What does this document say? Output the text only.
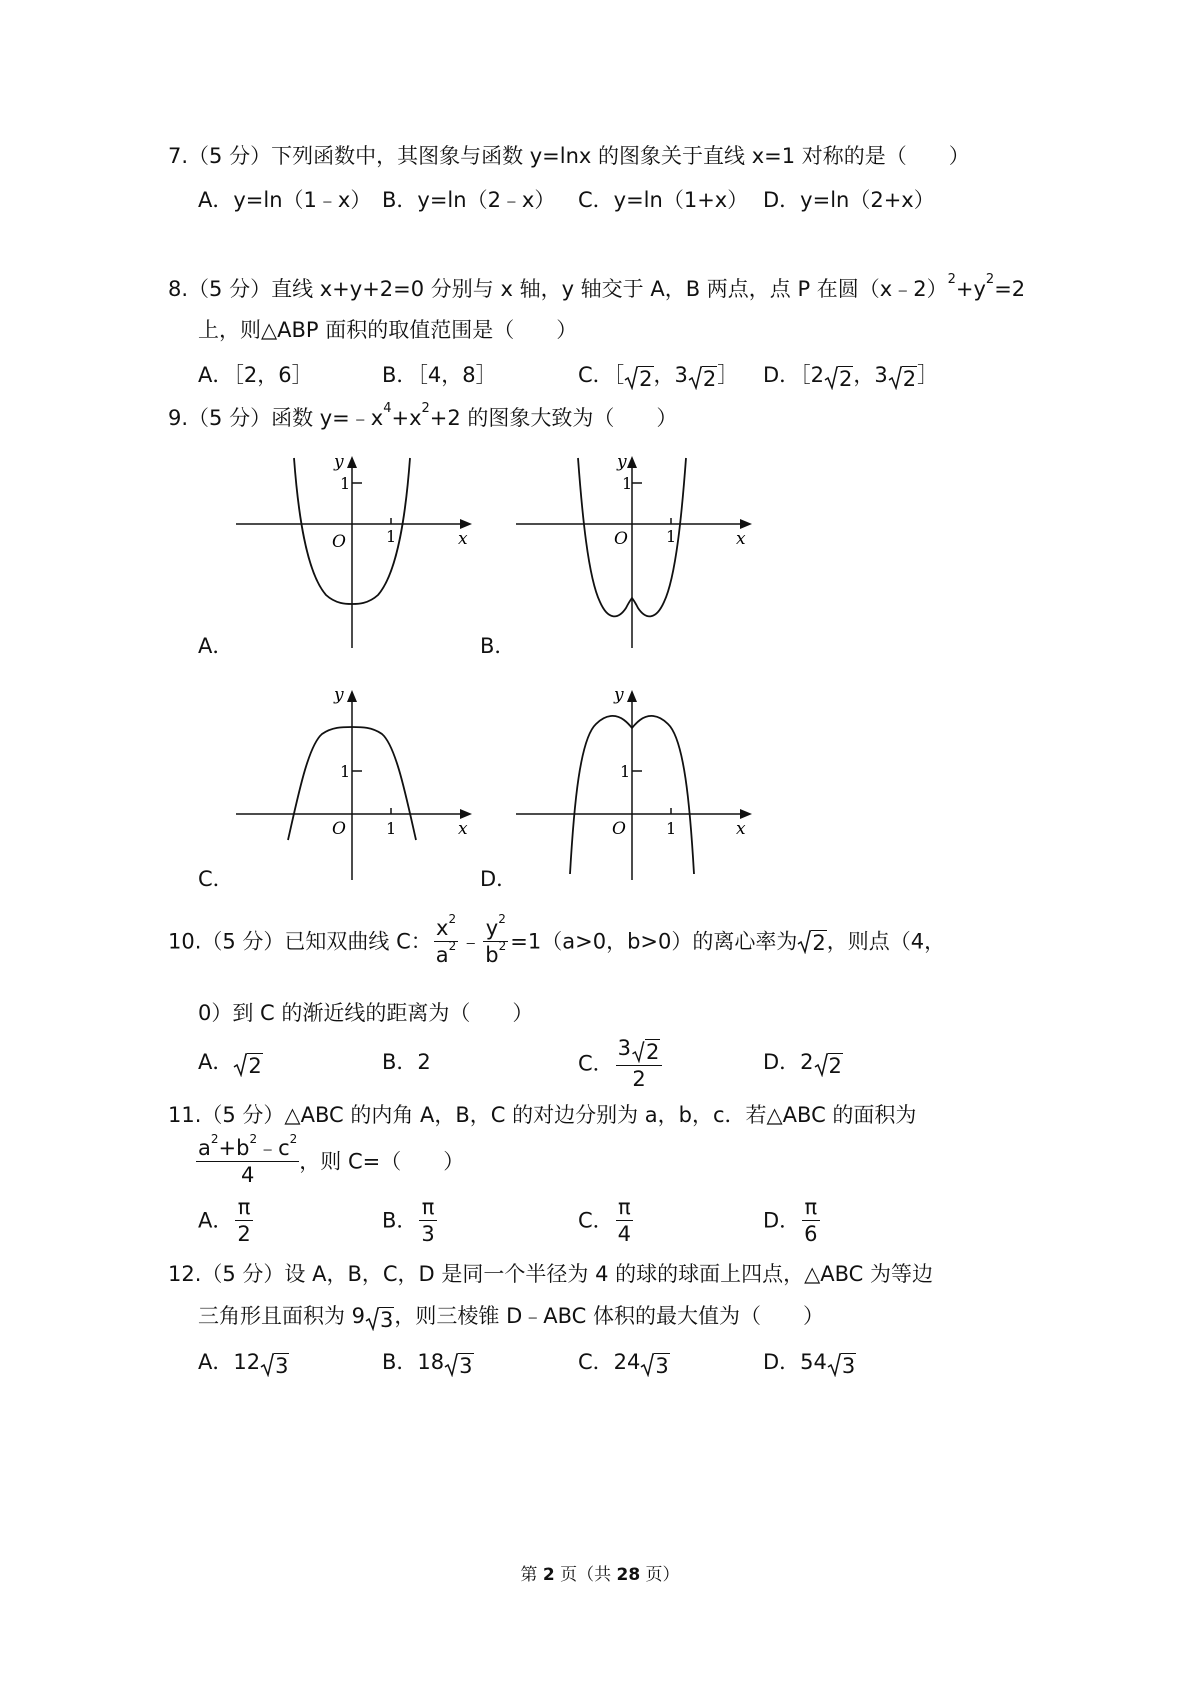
7.（5 分）下列函数中，其图象与函数 y=lnx 的图象关于直线 x=1 对称的是（　　）
A．y=ln（1﹣x） B．y=ln（2﹣x） C．y=ln（1+x） D．y=ln（2+x）
8.（5 分）直线 x+y+2=0 分别与 x 轴，y 轴交于 A，B 两点，点 P 在圆$(x﹣2)^2+y^2=2$
上，则△ABP 面积的取值范围是（　　）
A．［2，6］	B．［4，8］	C．［ 2，3 2］ D．［2 2，3 2］
9.（5 分）函数 $y=﹣x^4+x^2+2$ 的图象大致为（　　）
y
1
O	1	x
A．
y
1
O 1	x
B．
y
1
O	1	x
C．
y
1
O	1	x
D．
10.（5 分）已知双曲线 C： $\frac{x^2}{a^2}$ ﹣ $\frac{y^2}{b^2} =1(a>0$，b>0）的离心率为 2，则点（4，
0）到 C 的渐近线的距离为（　　）
A． 2	B．2	C． $\frac{3 2}{2}$	D．2 2
11.（5 分）△ABC 的内角 A，B，C 的对边分别为 a，b，c．若△ABC 的面积为
$\frac{a^2+b^2﹣c^2}{4}$ ，则 C=（　　）
A． $\frac{\pi}{2}$	B． $\frac{\pi}{3}$	C． $\frac{\pi}{4}$	D． $\frac{\pi}{6}$
12.（5 分）设 A，B，C，D 是同一个半径为 4 的球的球面上四点，△ABC 为等边
三角形且面积为 9 3，则三棱锥 D﹣ABC 体积的最大值为（　　）
A．12 3	B．18 3	C．24 3	D．54 3
第 2 页（共 28 页）
